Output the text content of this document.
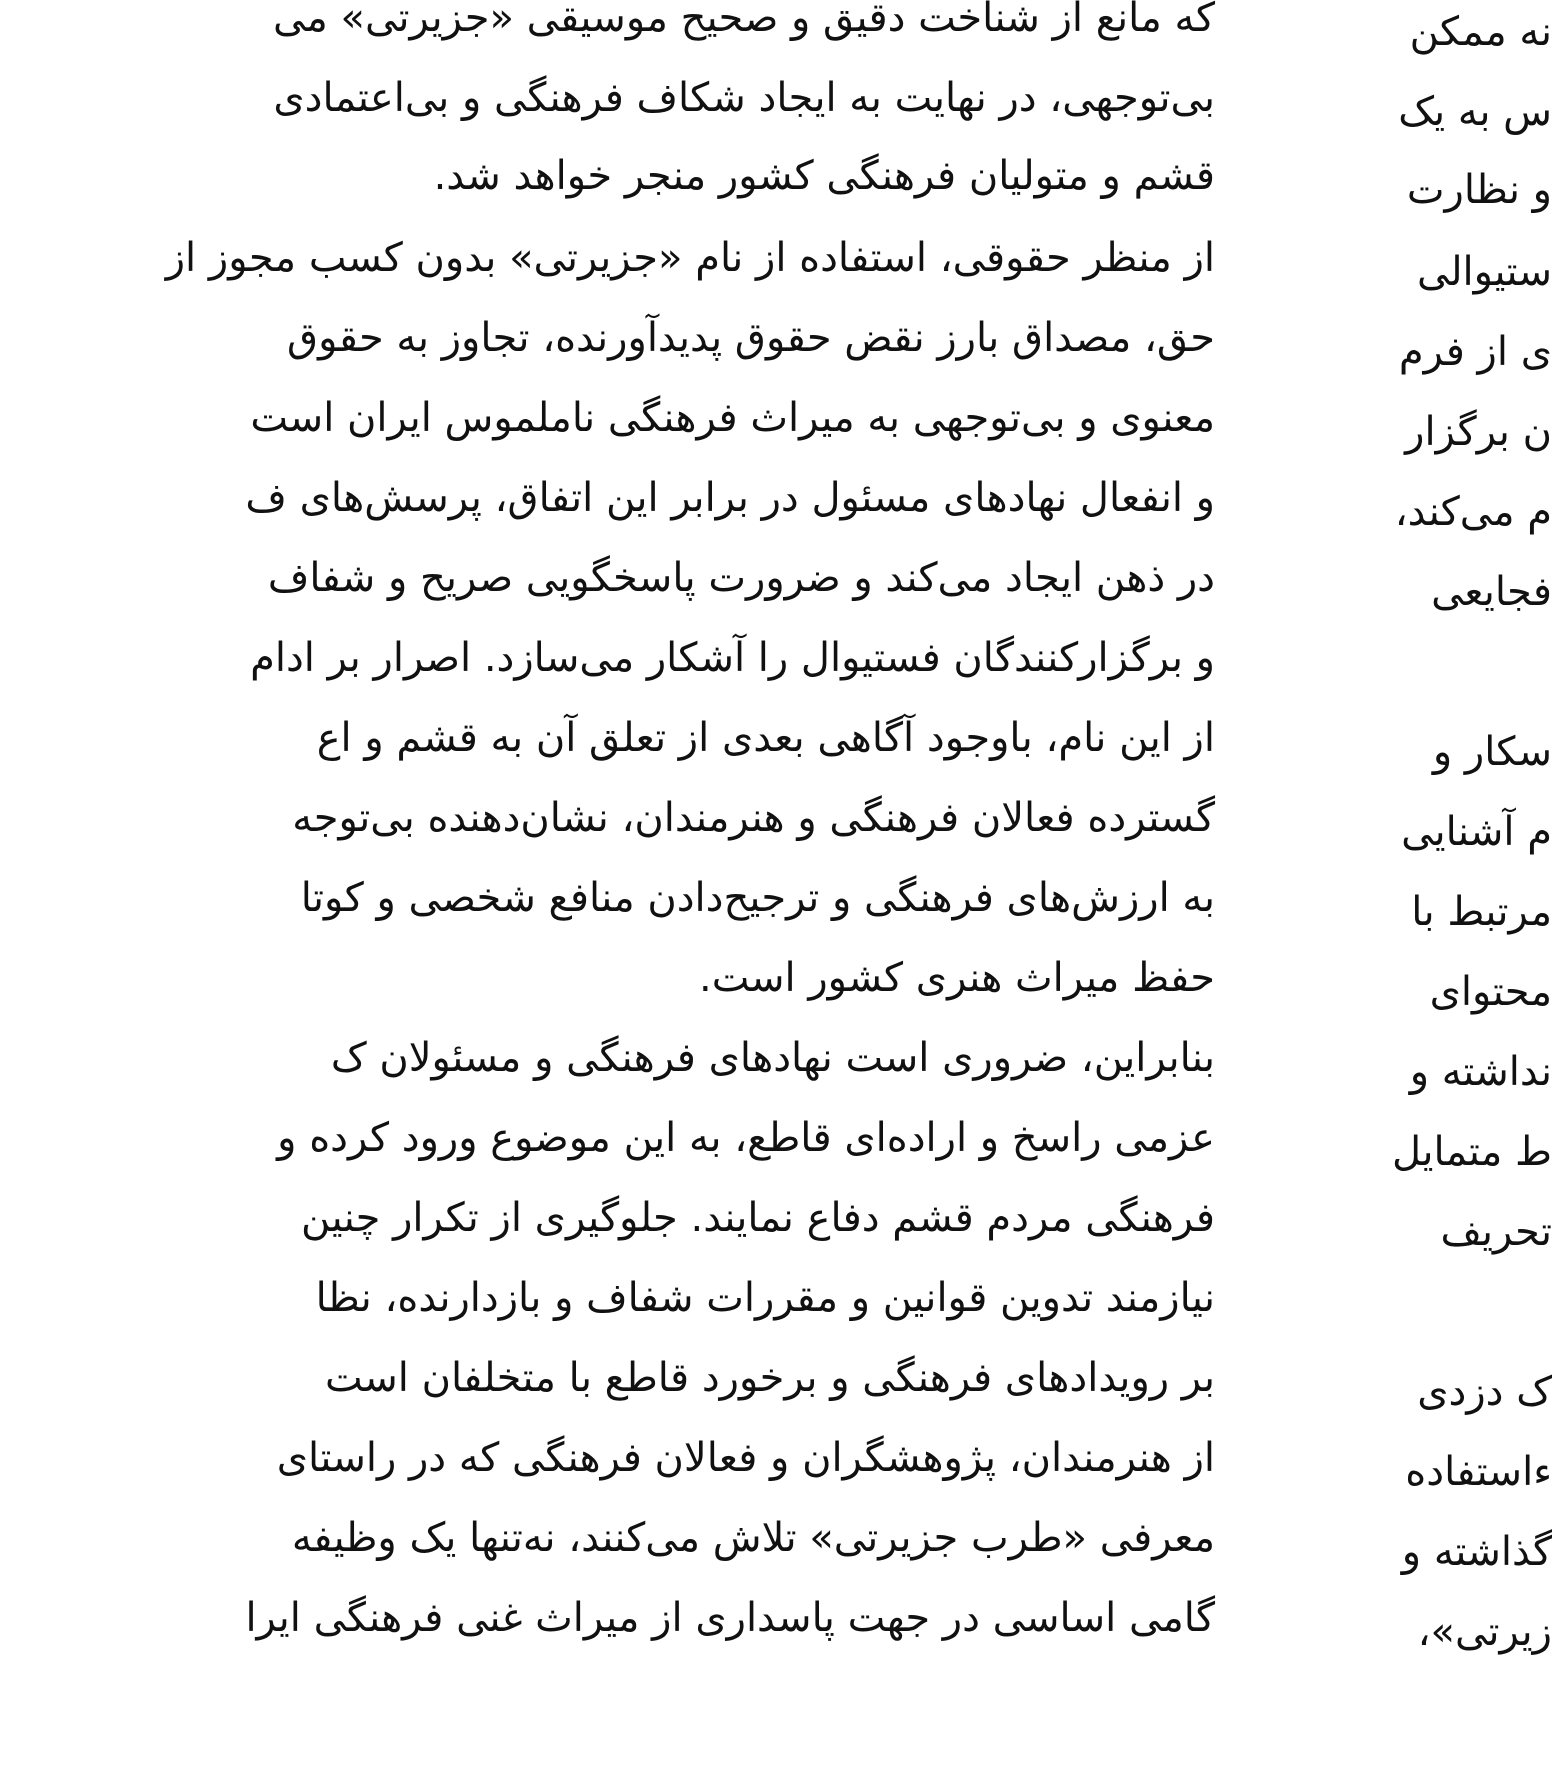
که مانع از شناخت دقیق و صحیح موسیقی «جزیرتی» می
بی‌توجهی، در نهایت به ایجاد شکاف فرهنگی و بی‌اعتمادی
قشم و متولیان فرهنگی کشور منجر خواهد شد.
از منظر حقوقی، استفاده از نام «جزیرتی» بدون کسب مجوز از
حق، مصداق بارز نقض حقوق پدیدآورنده، تجاوز به حقوق
معنوی و بی‌توجهی به میراث فرهنگی ناملموس ایران است
و انفعال نهادهای مسئول در برابر این اتفاق، پرسش‌های ف
در ذهن ایجاد می‌کند و ضرورت پاسخگویی صریح و شفاف
و برگزارکنندگان فستیوال را آشکار می‌سازد. اصرار بر ادام
از این نام، باوجود آگاهی بعدی از تعلق آن به قشم و اع
گسترده فعالان فرهنگی و هنرمندان، نشان‌دهنده بی‌توجه
به ارزش‌های فرهنگی و ترجیح‌دادن منافع شخصی و کوتا
حفظ میراث هنری کشور است.
بنابراین، ضروری است نهادهای فرهنگی و مسئولان ک
عزمی راسخ و اراده‌ای قاطع، به این موضوع ورود کرده و
فرهنگی مردم قشم دفاع نمایند. جلوگیری از تکرار چنین
نیازمند تدوین قوانین و مقررات شفاف و بازدارنده، نظا
بر رویدادهای فرهنگی و برخورد قاطع با متخلفان است
از هنرمندان، پژوهشگران و فعالان فرهنگی که در راستای
معرفی «طرب جزیرتی» تلاش می‌کنند، نه‌تنها یک وظیفه
گامی اساسی در جهت پاسداری از میراث غنی فرهنگی ایرا
نه ممکن
س به یک
و نظارت
ستیوالی
ی از فرم
ن برگزار
م می‌کند،
فجایعی
سکار و
م آشنایی
مرتبط با
محتوای
نداشته و
ط متمایل
تحریف
ک دزدی
ءاستفاده
گذاشته و
زیرتی»،
